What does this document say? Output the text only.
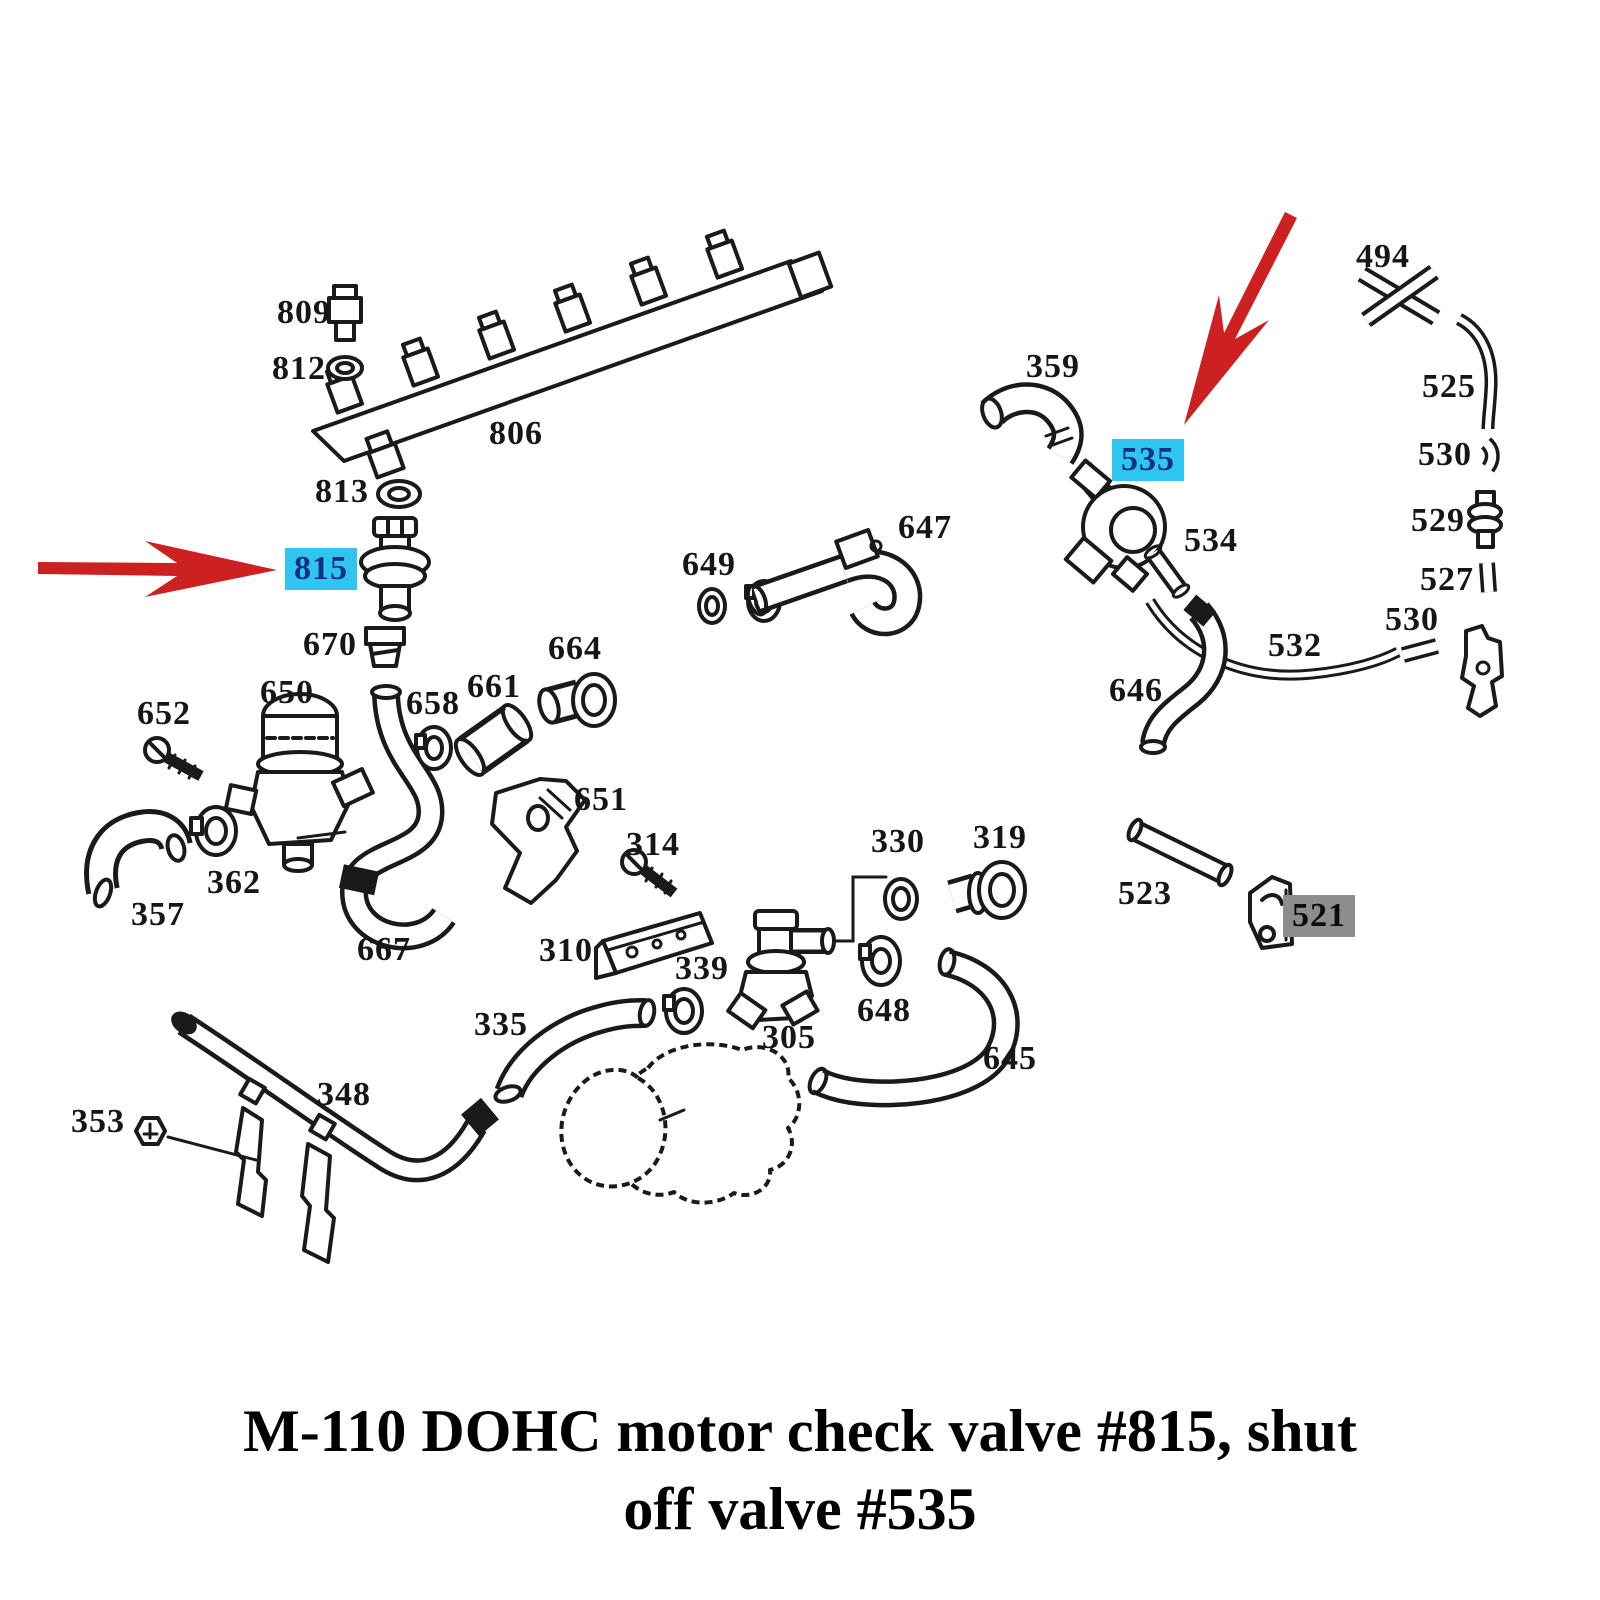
M-110 DOHC motor check valve #815, shut
off valve #535
809
812
806
813
815
670
650
652	658 661
664
651
362
357
667
649
647
314
310 339
330 319
305
648
645
335
348
353
359
535
534
532
646
523
521
494
525
530
529
527
530
